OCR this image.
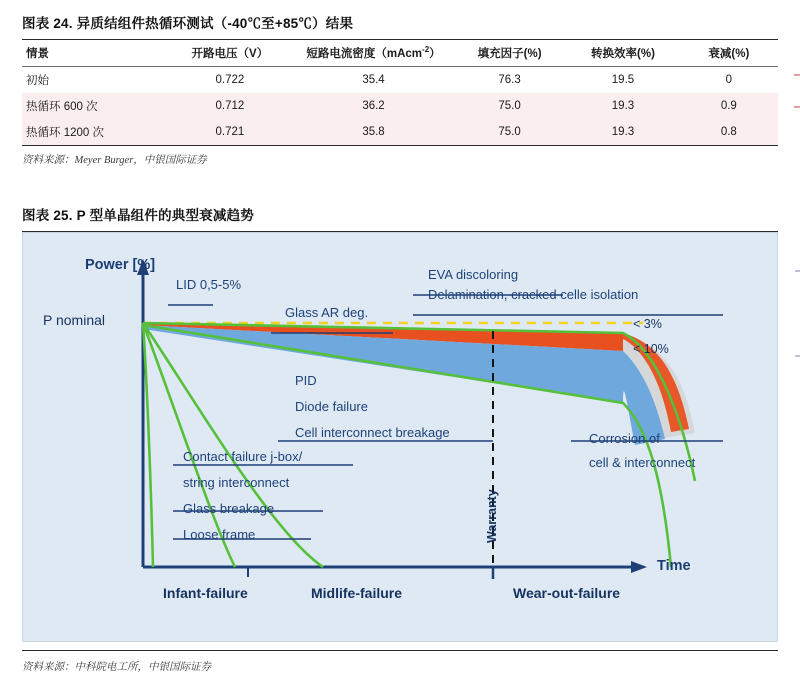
图表 24. 异质结组件热循环测试（-40℃至+85℃）结果
情景	开路电压（V）	短路电流密度（mAcm$^{-2}$）	填充因子(%)	转换效率(%)	衰减(%)
初始	0.722	35.4	76.3	19.5	0
热循环 600 次	0.712	36.2	75.0	19.3	0.9
热循环 1200 次	0.721	35.8	75.0	19.3	0.8
资料来源：Meyer Burger，中银国际证券
图表 25. P 型单晶组件的典型衰减趋势
Power [%]
Time
P nominal
LID 0,5-5%
Glass AR deg.
EVA discoloring
Delamination, cracked celle isolation
< 3%
< 10%
PID
Diode failure
Cell interconnect breakage
Contact failure j-box/
string interconnect
Glass breakage
Loose frame
Corrosion of
cell & interconnect
Warranty
Infant-failure	Midlife-failure	Wear-out-failure
资料来源：中科院电工所，中银国际证券
